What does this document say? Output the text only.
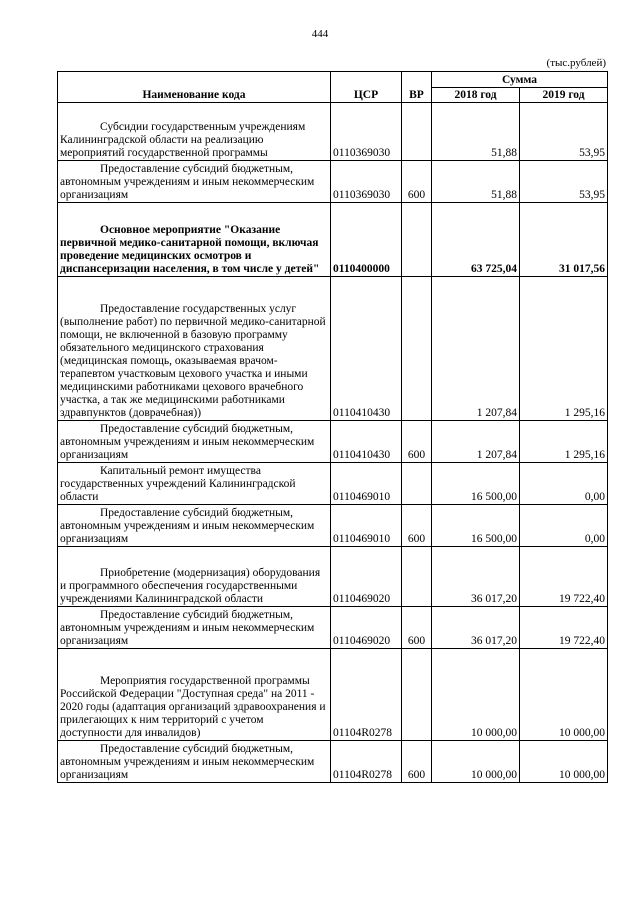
444
(тыс.рублей)
Наименование кода	ЦСР	ВР	Сумма	
			2018 год	2019 год
Субсидии государственным учреждениям Калининградской области на реализацию мероприятий государственной программы	0110369030		51,88	53,95
Предоставление субсидий бюджетным, автономным учреждениям и иным некоммерческим организациям	0110369030	600	51,88	53,95
Основное мероприятие "Оказание первичной медико-санитарной помощи, включая проведение медицинских осмотров и диспансеризации населения, в том числе у детей"	0110400000		63 725,04	31 017,56
Предоставление государственных услуг (выполнение работ) по первичной медико-санитарной помощи, не включенной в базовую программу обязательного медицинского страхования (медицинская помощь, оказываемая врачом-терапевтом участковым цехового участка и иными медицинскими работниками цехового врачебного участка, а так же медицинскими работниками здравпунктов (доврачебная))	0110410430		1 207,84	1 295,16
Предоставление субсидий бюджетным, автономным учреждениям и иным некоммерческим организациям	0110410430	600	1 207,84	1 295,16
Капитальный ремонт имущества государственных учреждений Калининградской области	0110469010		16 500,00	0,00
Предоставление субсидий бюджетным, автономным учреждениям и иным некоммерческим организациям	0110469010	600	16 500,00	0,00
Приобретение (модернизация) оборудования и программного обеспечения государственными учреждениями Калининградской области	0110469020		36 017,20	19 722,40
Предоставление субсидий бюджетным, автономным учреждениям и иным некоммерческим организациям	0110469020	600	36 017,20	19 722,40
Мероприятия государственной программы Российской Федерации "Доступная среда" на 2011 - 2020 годы (адаптация организаций здравоохранения и прилегающих к ним территорий с учетом доступности для инвалидов)	01104R0278		10 000,00	10 000,00
Предоставление субсидий бюджетным, автономным учреждениям и иным некоммерческим организациям	01104R0278	600	10 000,00	10 000,00
